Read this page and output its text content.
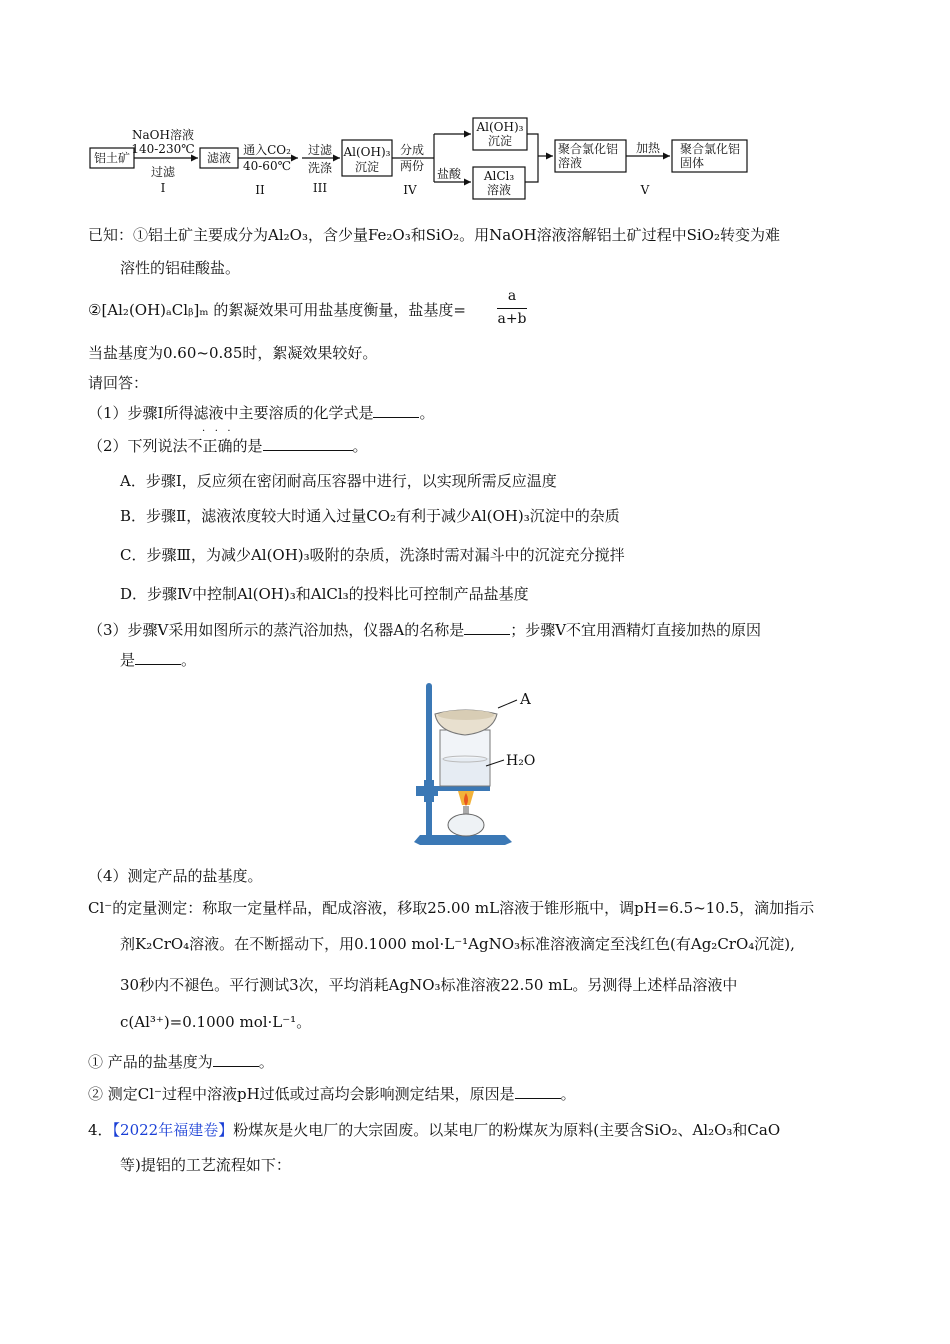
铝土矿	滤液	Al(OH)₃
沉淀
Al(OH)₃
沉淀
AlCl₃
溶液
NaOH溶液
140-230℃
过滤
通入CO₂
40-60℃
过滤
洗涤
分成
两份
盐酸
加热
I	II	III	IV	V
聚合氯化铝
溶液
聚合氯化铝
固体
已知：①铝土矿主要成分为Al₂O₃，含少量Fe₂O₃和SiO₂。用NaOH溶液溶解铝土矿过程中SiO₂转变为难
溶性的铝硅酸盐。
②[Al₂(OH)ₐClᵦ]ₘ 的絮凝效果可用盐基度衡量，盐基度=
a
a+b
当盐基度为0.60~0.85时，絮凝效果较好。
请回答：
（1）步骤Ⅰ所得滤液中主要溶质的化学式是	。
（2）下列说法不正确的是	。
·   ·   ·
A．步骤I，反应须在密闭耐高压容器中进行，以实现所需反应温度
B．步骤Ⅱ，滤液浓度较大时通入过量CO₂有利于减少Al(OH)₃沉淀中的杂质
C．步骤Ⅲ，为减少Al(OH)₃吸附的杂质，洗涤时需对漏斗中的沉淀充分搅拌
D．步骤Ⅳ中控制Al(OH)₃和AlCl₃的投料比可控制产品盐基度
（3）步骤Ⅴ采用如图所示的蒸汽浴加热，仪器A的名称是	；步骤Ⅴ不宜用酒精灯直接加热的原因
是	。
A
H₂O
（4）测定产品的盐基度。
Cl⁻的定量测定：称取一定量样品，配成溶液，移取25.00 mL溶液于锥形瓶中，调pH=6.5~10.5，滴加指示
剂K₂CrO₄溶液。在不断摇动下，用0.1000 mol·L⁻¹AgNO₃标准溶液滴定至浅红色(有Ag₂CrO₄沉淀),
30秒内不褪色。平行测试3次，平均消耗AgNO₃标准溶液22.50 mL。另测得上述样品溶液中
c(Al³⁺)=0.1000 mol·L⁻¹。
① 产品的盐基度为	。
② 测定Cl⁻过程中溶液pH过低或过高均会影响测定结果，原因是	。
4．【2022年福建卷】粉煤灰是火电厂的大宗固废。以某电厂的粉煤灰为原料(主要含SiO₂、Al₂O₃和CaO
等)提铝的工艺流程如下：
